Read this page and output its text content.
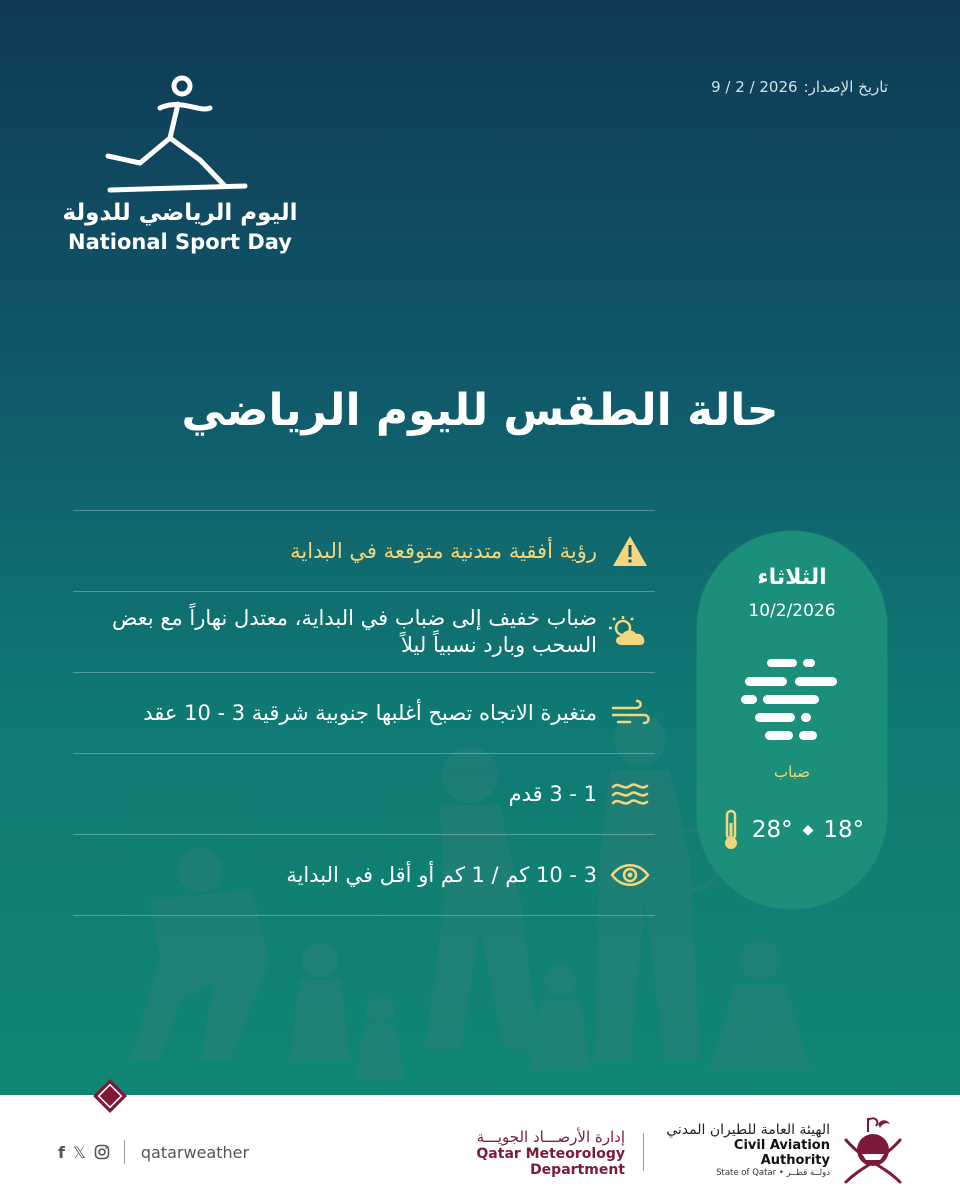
تاريخ الإصدار:
9 / 2 / 2026
اليوم الرياضي للدولة
National Sport Day
حالة الطقس لليوم الرياضي
رؤية أفقية متدنية متوقعة في البداية
ضباب خفيف إلى ضباب في البداية، معتدل نهاراً مع بعض السحب وبارد نسبياً ليلاً
متغيرة الاتجاه تصبح أغلبها جنوبية شرقية 3 - 10 عقد
1 - 3 قدم
3 - 10 كم / 1 كم أو أقل في البداية
الثلاثاء
10/2/2026
ضباب
28° ◆ 18°
f 𝕏	qatarweather
إدارة الأرصـــاد الجويـــة
Qatar Meteorology Department
الهيئة العامة للطيران المدني
Civil Aviation Authority
State of Qatar • دولــة قطــر
